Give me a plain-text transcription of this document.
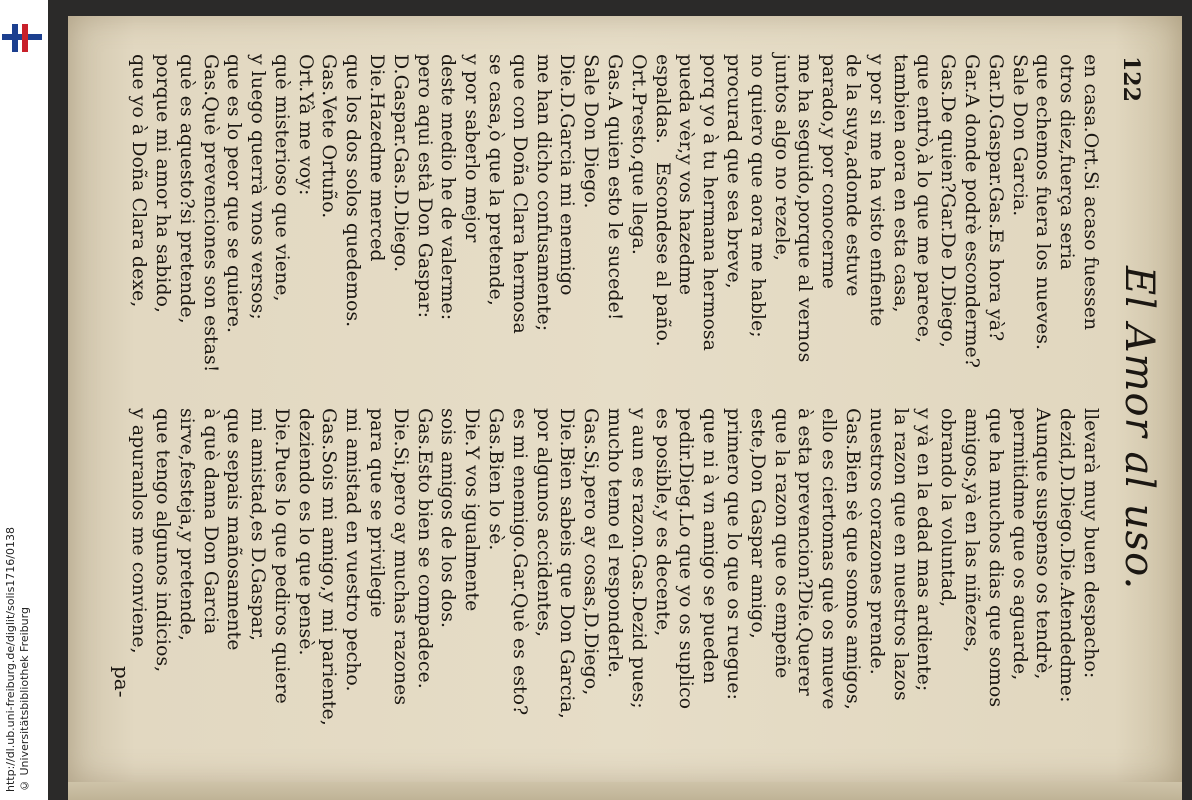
http://dl.ub.uni-freiburg.de/diglit/solis1716/0138
© Universitätsbibliothek Freiburg
122
El Amor al uso.
en casa.Ort.Si acaso fuessen
otros diez,fuerça seria
que echemos fuera los nueves.
Sale Don Garcia.
Gar.D.Gaspar.Gas.Es hora yà?
Gar.A donde podrè esconderme?
Gas.De quien?Gar.De D.Diego,
que entrò,à lo que me parece,
tambien aora en esta casa,
y por si me ha visto enfiente
de la suya,adonde estuve
parado,y por conocerme
me ha seguido,porque al vernos
juntos algo no rezele,
no quiero que aora me hable;
procurad que sea breve,
porq yo à tu hermana hermosa
pueda vèr,y vos hazedme
espaldas.   Escondese al paño.
Ort.Presto,que llega.
Gas.A quien esto le sucede!
Sale Don Diego.
Die.D.Garcia mi enemigo
me han dicho confusamente;
que con Doña Clara hermosa
se casa,ò que la pretende,
y por saberlo mejor
deste medio he de valerme:
pero aqui està Don Gaspar:
D.Gaspar.Gas.D.Diego.
Die.Hazedme merced
que los dos solos quedemos.
Gas.Vete Ortuño.
Ort.Yà me voy:
què misterioso que viene,
y luego querrà vnos versos;
que es lo peor que se quiere.
Gas.Què prevenciones son estas!
què es aquesto?si pretende,
porque mi amor ha sabido,
que yo à Doña Clara dexe,
llevarà muy buen despacho:
dezid,D.Diego.Die.Atendedme:
Aunque suspenso os tendrè,
permitidme que os aguarde,
que ha muchos dias que somos
amigos,yà en las niñezes,
obrando la voluntad,
y yà en la edad mas ardiente;
la razon que en nuestros lazos
nuestros corazones prende.
Gas.Bien sè que somos amigos,
ello es ciertomas què os mueve
à esta prevencion?Die.Querer
que la razon que os empeñe
este,Don Gaspar amigo,
primero que lo que os ruegue:
que ni à vn amigo se pueden
pedir.Dieg.Lo que yo os suplico
es posible,y es decente,
y aun es razon.Gas.Dezid pues;
mucho temo el responderle.
Gas.Si,pero ay cosas,D.Diego,
Die.Bien sabeis que Don Garcia,
por algunos accidentes,
es mi enemigo.Gar.Què es esto?
Gas.Bien lo sè.
Die.Y vos igualmente
sois amigos de los dos.
Gas.Esto bien se compadece.
Die.Si,pero ay muchas razones
para que se privilegie
mi amistad en vuestro pecho.
Gas.Sois mi amigo,y mi pariente,
deziendo es lo que pensè.
Die.Pues lo que pediros quiere
mi amistad,es D.Gaspar,
que sepais mañosamente
à què dama Don Garcia
sirve,festeja,y pretende,
que tengo algunos indicios,
y apuranlos me conviene,
pa-
